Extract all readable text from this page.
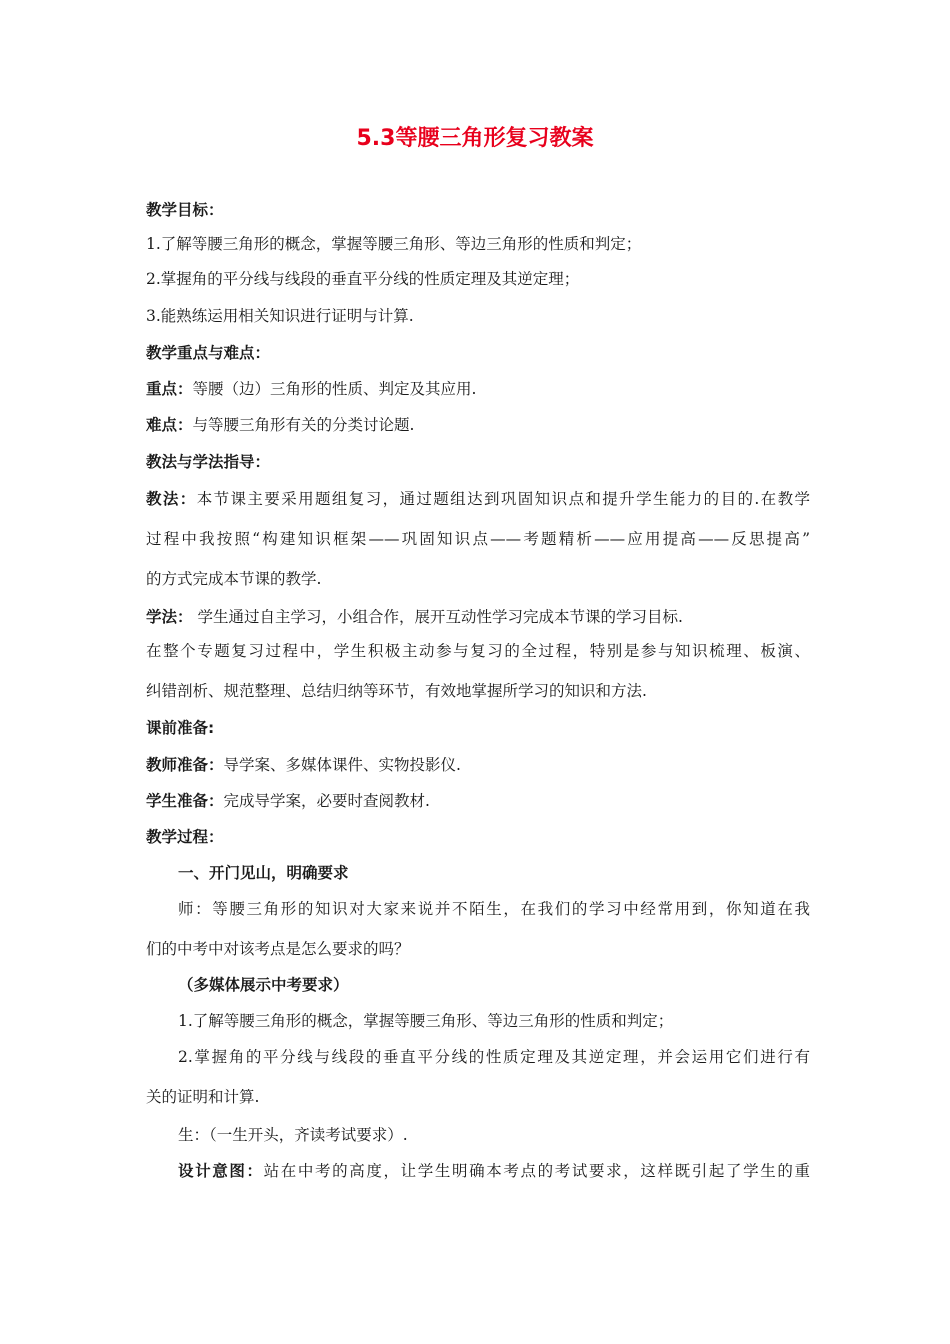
5.3等腰三角形复习教案
教学目标：
1.了解等腰三角形的概念，掌握等腰三角形、等边三角形的性质和判定；
2.掌握角的平分线与线段的垂直平分线的性质定理及其逆定理；
3.能熟练运用相关知识进行证明与计算.
教学重点与难点：
重点：等腰（边）三角形的性质、判定及其应用.
难点：与等腰三角形有关的分类讨论题.
教法与学法指导：
教法：本节课主要采用题组复习，通过题组达到巩固知识点和提升学生能力的目的.在教学
过程中我按照“构建知识框架——巩固知识点——考题精析——应用提高——反思提高”
的方式完成本节课的教学.
学法： 学生通过自主学习，小组合作，展开互动性学习完成本节课的学习目标.
在整个专题复习过程中，学生积极主动参与复习的全过程，特别是参与知识梳理、板演、
纠错剖析、规范整理、总结归纳等环节，有效地掌握所学习的知识和方法.
课前准备:
教师准备：导学案、多媒体课件、实物投影仪.
学生准备：完成导学案，必要时查阅教材.
教学过程：
一、开门见山，明确要求
师：等腰三角形的知识对大家来说并不陌生，在我们的学习中经常用到，你知道在我
们的中考中对该考点是怎么要求的吗？
（多媒体展示中考要求）
1.了解等腰三角形的概念，掌握等腰三角形、等边三角形的性质和判定；
2.掌握角的平分线与线段的垂直平分线的性质定理及其逆定理，并会运用它们进行有
关的证明和计算.
生：（一生开头，齐读考试要求）.
设计意图：站在中考的高度，让学生明确本考点的考试要求，这样既引起了学生的重
